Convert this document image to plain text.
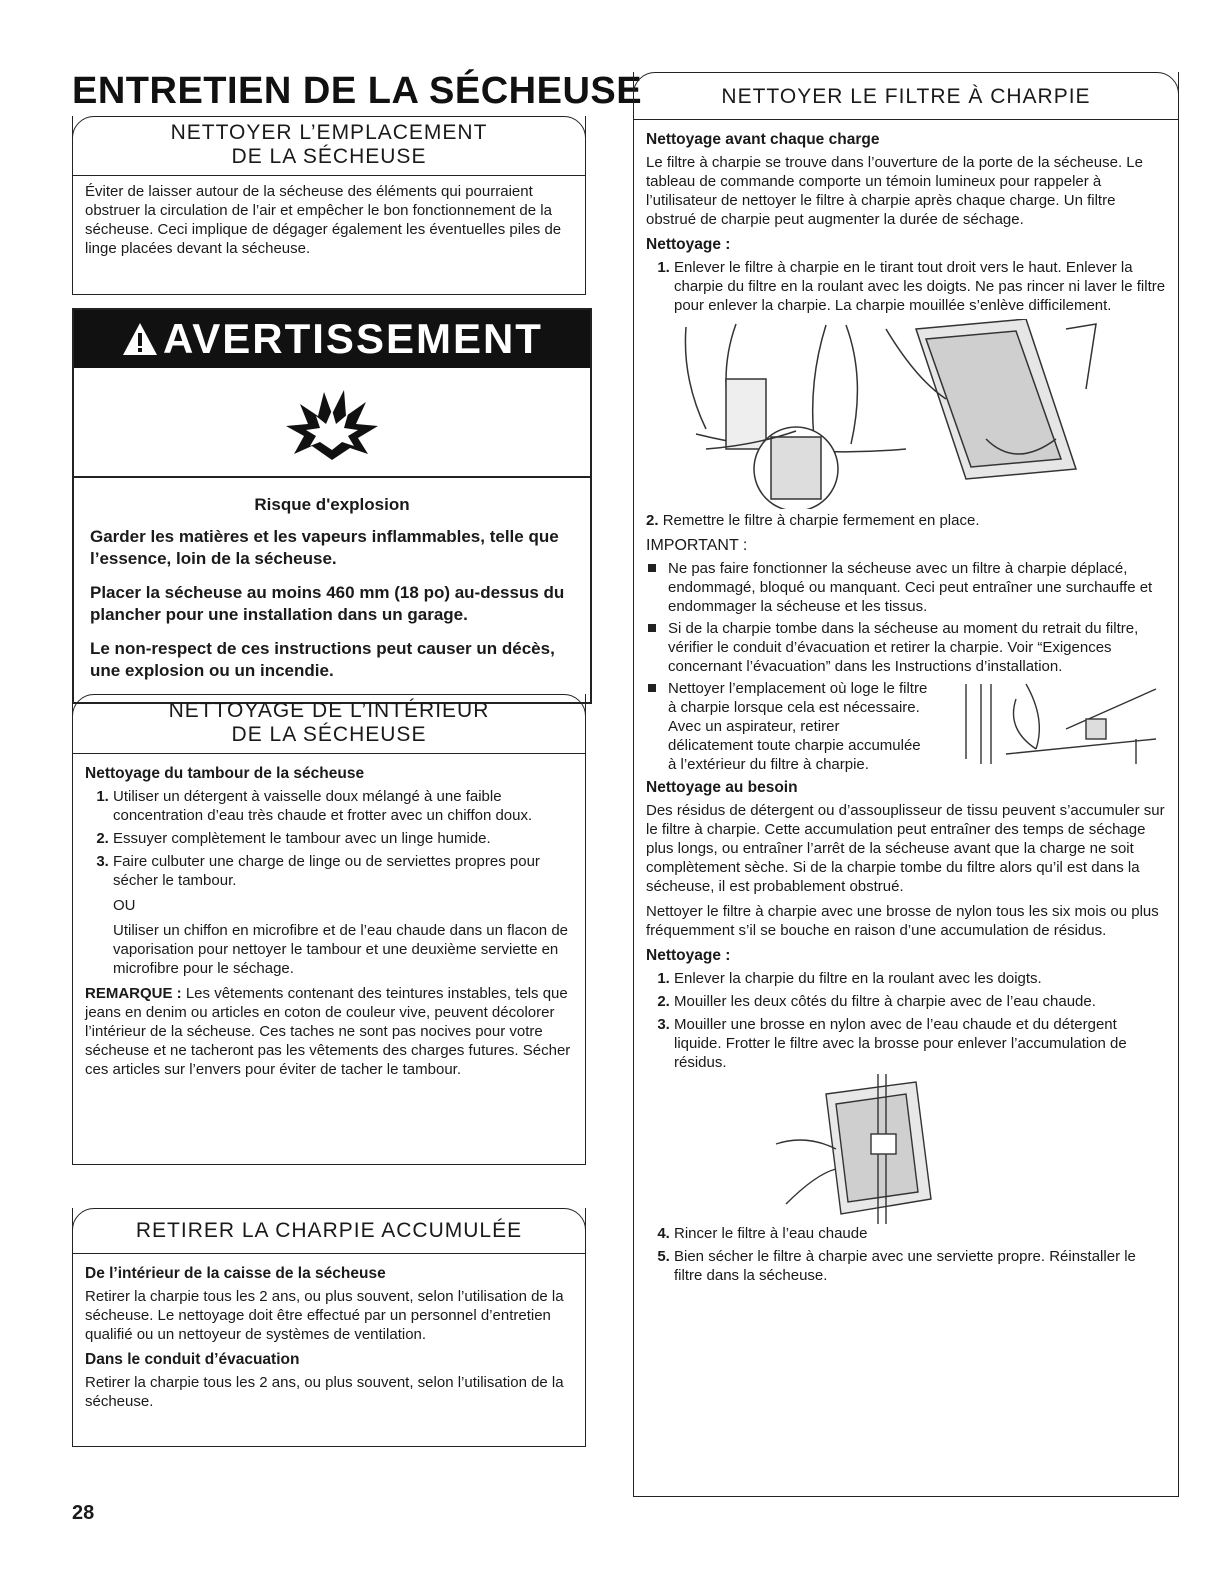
ENTRETIEN DE LA SÉCHEUSE
NETTOYER L’EMPLACEMENT
DE LA SÉCHEUSE

Éviter de laisser autour de la sécheuse des éléments qui pourraient obstruer la circulation de l’air et empêcher le bon fonctionnement de la sécheuse. Ceci implique de dégager également les éventuelles piles de linge placées devant la sécheuse.

AVERTISSEMENT
Risque d'explosion

Garder les matières et les vapeurs inflammables, telle que l’essence, loin de la sécheuse.

Placer la sécheuse au moins 460 mm (18 po) au-dessus du plancher pour une installation dans un garage.

Le non-respect de ces instructions peut causer un décès, une explosion ou un incendie.

NETTOYAGE DE L’INTÉRIEUR
DE LA SÉCHEUSE
Nettoyage du tambour de la sécheuse
1. Utiliser un détergent à vaisselle doux mélangé à une faible concentration d’eau très chaude et frotter avec un chiffon doux.
2. Essuyer complètement le tambour avec un linge humide.
3. Faire culbuter une charge de linge ou de serviettes propres pour sécher le tambour.

OU

Utiliser un chiffon en microfibre et de l’eau chaude dans un flacon de vaporisation pour nettoyer le tambour et une deuxième serviette en microfibre pour le séchage.

REMARQUE : Les vêtements contenant des teintures instables, tels que jeans en denim ou articles en coton de couleur vive, peuvent décolorer l’intérieur de la sécheuse. Ces taches ne sont pas nocives pour votre sécheuse et ne tacheront pas les vêtements des charges futures. Sécher ces articles sur l’envers pour éviter de tacher le tambour.

RETIRER LA CHARPIE ACCUMULÉE
De l’intérieur de la caisse de la sécheuse

Retirer la charpie tous les 2 ans, ou plus souvent, selon l’utilisation de la sécheuse. Le nettoyage doit être effectué par un personnel d’entretien qualifié ou un nettoyeur de systèmes de ventilation.

Dans le conduit d’évacuation

Retirer la charpie tous les 2 ans, ou plus souvent, selon l’utilisation de la sécheuse.

NETTOYER LE FILTRE À CHARPIE
Nettoyage avant chaque charge

Le filtre à charpie se trouve dans l’ouverture de la porte de la sécheuse. Le tableau de commande comporte un témoin lumineux pour rappeler à l’utilisateur de nettoyer le filtre à charpie après chaque charge. Un filtre obstrué de charpie peut augmenter la durée de séchage.

Nettoyage :
1. Enlever le filtre à charpie en le tirant tout droit vers le haut. Enlever la charpie du filtre en la roulant avec les doigts. Ne pas rincer ni laver le filtre pour enlever la charpie. La charpie mouillée s’enlève difficilement.

2. Remettre le filtre à charpie fermement en place.

IMPORTANT :
Ne pas faire fonctionner la sécheuse avec un filtre à charpie déplacé, endommagé, bloqué ou manquant. Ceci peut entraîner une surchauffe et endommager la sécheuse et les tissus.
Si de la charpie tombe dans la sécheuse au moment du retrait du filtre, vérifier le conduit d’évacuation et retirer la charpie. Voir “Exigences concernant l’évacuation” dans les Instructions d’installation.
Nettoyer l’emplacement où loge le filtre à charpie lorsque cela est nécessaire. Avec un aspirateur, retirer délicatement toute charpie accumulée à l’extérieur du filtre à charpie.
Nettoyage au besoin

Des résidus de détergent ou d’assouplisseur de tissu peuvent s’accumuler sur le filtre à charpie. Cette accumulation peut entraîner des temps de séchage plus longs, ou entraîner l’arrêt de la sécheuse avant que la charge ne soit complètement sèche. Si de la charpie tombe du filtre alors qu’il est dans la sécheuse, il est probablement obstrué.

Nettoyer le filtre à charpie avec une brosse de nylon tous les six mois ou plus fréquemment s’il se bouche en raison d’une accumulation de résidus.

Nettoyage :
1. Enlever la charpie du filtre en la roulant avec les doigts.
2. Mouiller les deux côtés du filtre à charpie avec de l’eau chaude.
3. Mouiller une brosse en nylon avec de l’eau chaude et du détergent liquide. Frotter le filtre avec la brosse pour enlever l’accumulation de résidus.
4. Rincer le filtre à l’eau chaude
5. Bien sécher le filtre à charpie avec une serviette propre. Réinstaller le filtre dans la sécheuse.
28
